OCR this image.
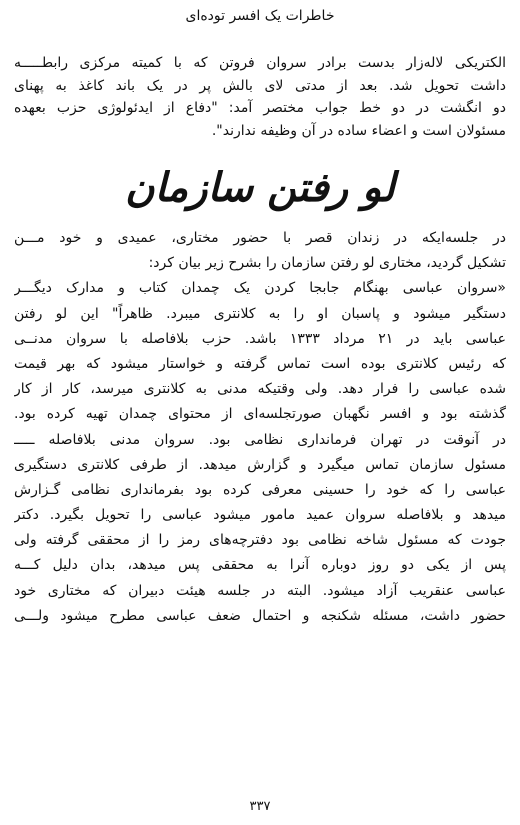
خاطرات یک افسر توده‌ای
الکتریکی لاله‌زار بدست برادر سروان فروتن که با کمیته مرکزی رابطـــــه
داشت تحویل شد. بعد از مدتی لای بالش پر در یک باند کاغذ به پهنای
دو انگشت در دو خط جواب مختصر آمد: "دفاع از ایدئولوژی حزب بعهده
مسئولان است و اعضاء ساده در آن وظیفه ندارند".
لو رفتن سازمان
در جلسه‌ایکه در زندان قصر با حضور مختاری، عمیدی و خود مـــن
تشکیل گردید، مختاری لو رفتن سازمان را بشرح زیر بیان کرد:
«سروان عباسی بهنگام جابجا کردن یک چمدان کتاب و مدارک دیگـــر
دستگیر میشود و پاسبان او را به کلانتری میبرد. ظاهراً" این لو رفتن
عباسی باید در ۲۱ مرداد ۱۳۳۳ باشد. حزب بلافاصله با سروان مدنــی
که رئیس کلانتری بوده است تماس گرفته و خواستار میشود که بهر قیمت
شده عباسی را فرار دهد. ولی وقتیکه مدنی به کلانتری میرسد، کار از کار
گذشته بود و افسر نگهبان صورتجلسه‌ای از محتوای چمدان تهیه کرده بود.
در آنوقت در تهران فرمانداری نظامی بود. سروان مدنی بلافاصله ـــــ
مسئول سازمان تماس میگیرد و گزارش میدهد. از طرفی کلانتری دستگیری
عباسی را که خود را حسینی معرفی کرده بود بفرمانداری نظامی گـزارش
میدهد و بلافاصله سروان عمید مامور میشود عباسی را تحویل بگیرد. دکتر
جودت که مسئول شاخه نظامی بود دفترچه‌های رمز را از محققی گرفته ولی
پس از یکی دو روز دوباره آنرا به محققی پس میدهد، بدان دلیل کـــه
عباسی عنقریب آزاد میشود. البته در جلسه هیئت دبیران که مختاری خود
حضور داشت، مسئله شکنجه و احتمال ضعف عباسی مطرح میشود ولـــی
۳۳۷
